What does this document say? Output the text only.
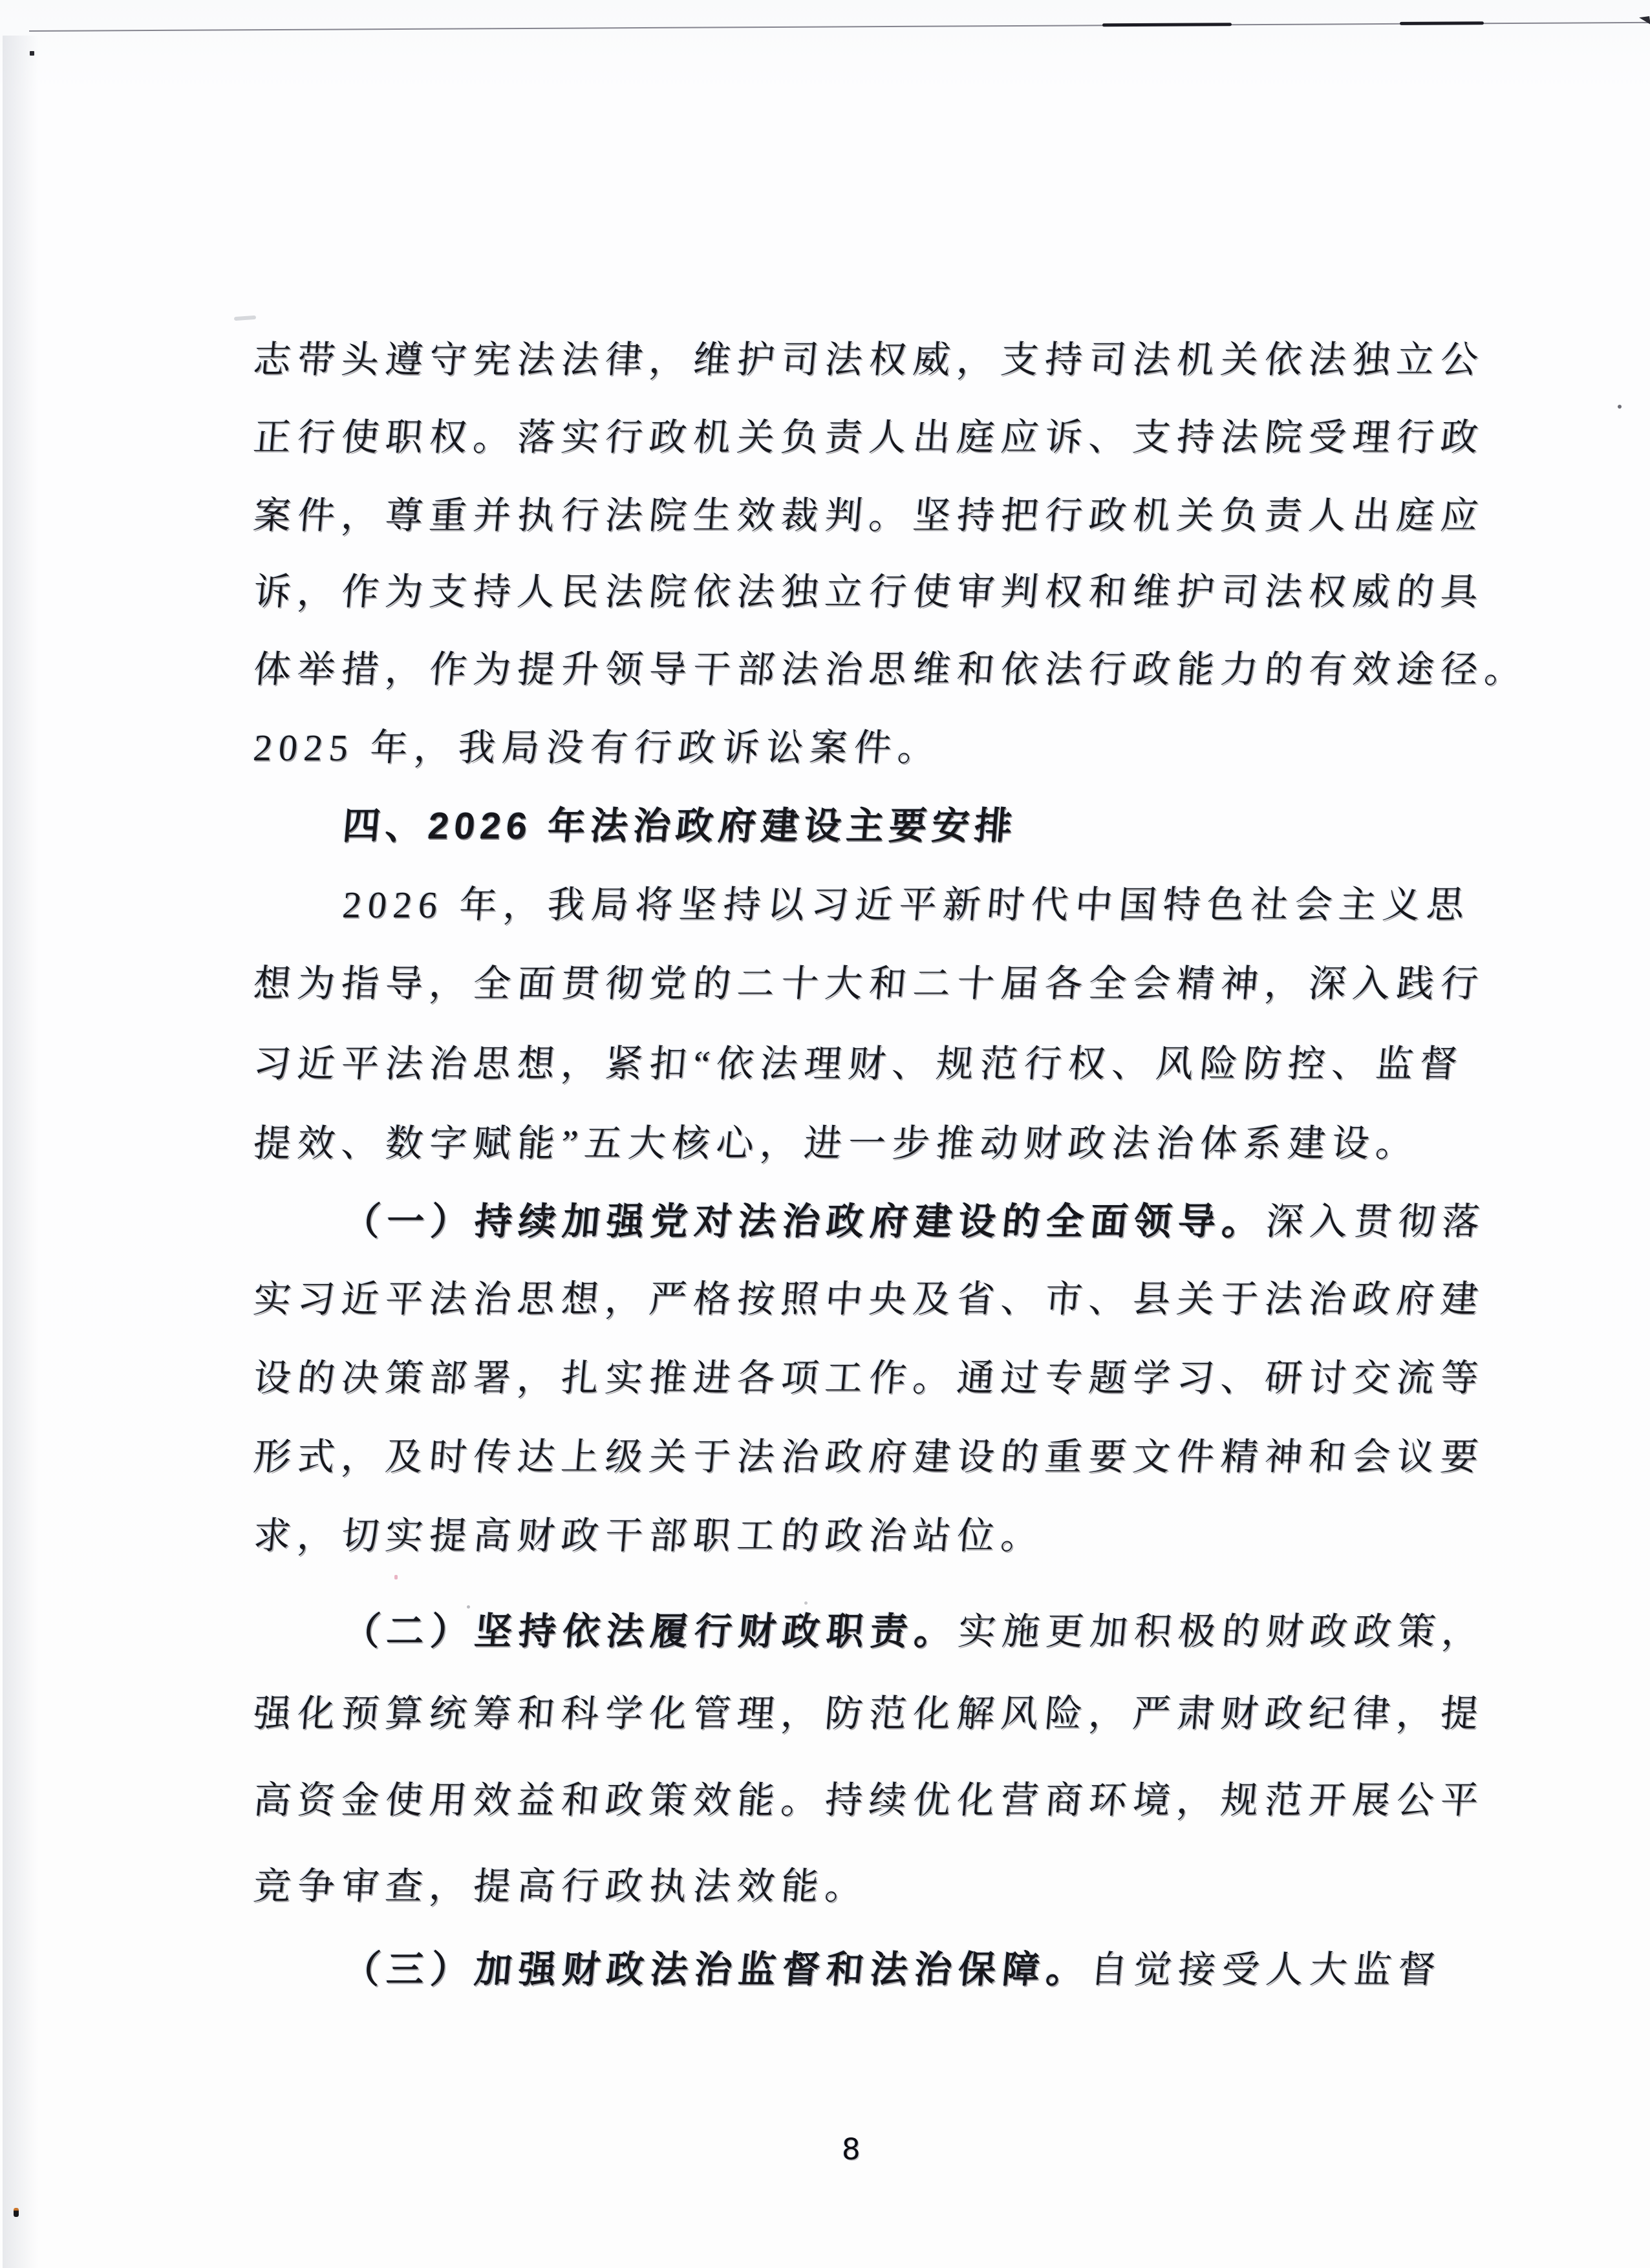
志带头遵守宪法法律，维护司法权威，支持司法机关依法独立公
正行使职权。落实行政机关负责人出庭应诉、支持法院受理行政
案件，尊重并执行法院生效裁判。坚持把行政机关负责人出庭应
诉，作为支持人民法院依法独立行使审判权和维护司法权威的具
体举措，作为提升领导干部法治思维和依法行政能力的有效途径。
2025 年，我局没有行政诉讼案件。
四、2026 年法治政府建设主要安排
2026 年，我局将坚持以习近平新时代中国特色社会主义思
想为指导，全面贯彻党的二十大和二十届各全会精神，深入践行
习近平法治思想，紧扣“依法理财、规范行权、风险防控、监督
提效、数字赋能”五大核心，进一步推动财政法治体系建设。
（一）持续加强党对法治政府建设的全面领导。深入贯彻落
实习近平法治思想，严格按照中央及省、市、县关于法治政府建
设的决策部署，扎实推进各项工作。通过专题学习、研讨交流等
形式，及时传达上级关于法治政府建设的重要文件精神和会议要
求，切实提高财政干部职工的政治站位。
（二）坚持依法履行财政职责。实施更加积极的财政政策，
强化预算统筹和科学化管理，防范化解风险，严肃财政纪律，提
高资金使用效益和政策效能。持续优化营商环境，规范开展公平
竞争审查，提高行政执法效能。
（三）加强财政法治监督和法治保障。自觉接受人大监督
8
